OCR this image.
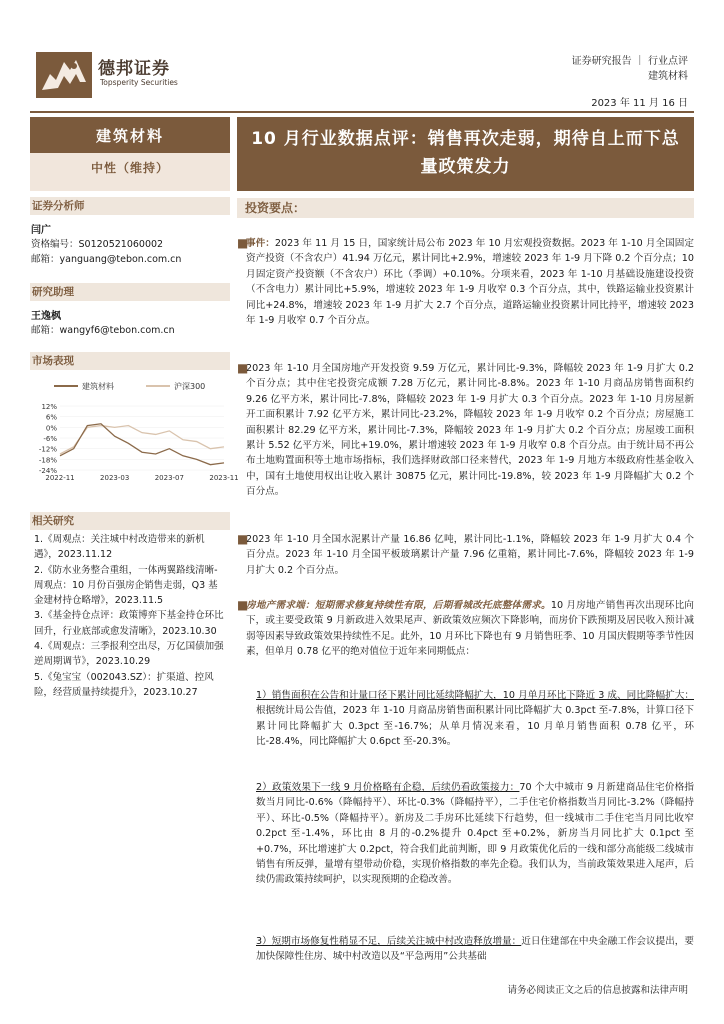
德邦证券
Topsperity Securities
证券研究报告 ｜ 行业点评
建筑材料
2023 年 11 月 16 日
建筑材料
中性（维持）
证券分析师
闫广
资格编号：S0120521060002
邮箱：yanguang@tebon.com.cn
研究助理
王逸枫
邮箱：wangyf6@tebon.com.cn
市场表现
建筑材料	沪深300
12%
6%
0%
-6%
-12%
-18%
-24%
2022-11	2023-03	2023-07	2023-11
相关研究
1.《周观点：关注城中村改造带来的新机遇》，2023.11.12
2.《防水业务整合重组，一体两翼路线清晰-周观点：10 月份百强房企销售走弱，Q3 基金建材持仓略增》，2023.11.5
3.《基金持仓点评：政策博弈下基金持仓环比回升，行业底部或愈发清晰》，2023.10.30
4.《周观点：三季报利空出尽，万亿国债加强逆周期调节》，2023.10.29
5.《兔宝宝（002043.SZ）：扩渠道、控风险，经营质量持续提升》，2023.10.27
10 月行业数据点评：销售再次走弱，期待自上而下总量政策发力
投资要点：
■
事件：2023 年 11 月 15 日，国家统计局公布 2023 年 10 月宏观投资数据。2023 年 1-10 月全国固定资产投资（不含农户）41.94 万亿元，累计同比+2.9%，增速较 2023 年 1-9 月下降 0.2 个百分点；10 月固定资产投资额（不含农户）环比（季调）+0.10%。分项来看，2023 年 1-10 月基础设施建设投资（不含电力）累计同比+5.9%，增速较 2023 年 1-9 月收窄 0.3 个百分点，其中，铁路运输业投资累计同比+24.8%，增速较 2023 年 1-9 月扩大 2.7 个百分点，道路运输业投资累计同比持平，增速较 2023 年 1-9 月收窄 0.7 个百分点。
■
2023 年 1-10 月全国房地产开发投资 9.59 万亿元，累计同比-9.3%，降幅较 2023 年 1-9 月扩大 0.2 个百分点；其中住宅投资完成额 7.28 万亿元，累计同比-8.8%。2023 年 1-10 月商品房销售面积约 9.26 亿平方米，累计同比-7.8%，降幅较 2023 年 1-9 月扩大 0.3 个百分点。2023 年 1-10 月房屋新开工面积累计 7.92 亿平方米，累计同比-23.2%，降幅较 2023 年 1-9 月收窄 0.2 个百分点；房屋施工面积累计 82.29 亿平方米，累计同比-7.3%，降幅较 2023 年 1-9 月扩大 0.2 个百分点；房屋竣工面积累计 5.52 亿平方米，同比+19.0%，累计增速较 2023 年 1-9 月收窄 0.8 个百分点。由于统计局不再公布土地购置面积等土地市场指标，我们选择财政部口径来替代，2023 年 1-9 月地方本级政府性基金收入中，国有土地使用权出让收入累计 30875 亿元，累计同比-19.8%，较 2023 年 1-9 月降幅扩大 0.2 个百分点。
■
2023 年 1-10 月全国水泥累计产量 16.86 亿吨，累计同比-1.1%，降幅较 2023 年 1-9 月扩大 0.4 个百分点。2023 年 1-10 月全国平板玻璃累计产量 7.96 亿重箱，累计同比-7.6%，降幅较 2023 年 1-9 月扩大 0.2 个百分点。
■
房地产需求端：短期需求修复持续性有限，后期看城改托底整体需求。10 月房地产销售再次出现环比向下，或主要受政策 9 月新政进入效果尾声、新政策效应频次下降影响，而房价下跌预期及居民收入预计减弱等因素导致政策效果持续性不足。此外，10 月环比下降也有 9 月销售旺季、10 月国庆假期等季节性因素，但单月 0.78 亿平的绝对值位于近年来同期低点：
1）销售面积在公告和计量口径下累计同比延续降幅扩大，10 月单月环比下降近 3 成、同比降幅扩大：根据统计局公告值，2023 年 1-10 月商品房销售面积累计同比降幅扩大 0.3pct 至-7.8%，计算口径下累计同比降幅扩大 0.3pct 至-16.7%；从单月情况来看，10 月单月销售面积 0.78 亿平，环比-28.4%，同比降幅扩大 0.6pct 至-20.3%。
2）政策效果下一线 9 月价格略有企稳，后续仍看政策接力：70 个大中城市 9 月新建商品住宅价格指数当月同比-0.6%（降幅持平）、环比-0.3%（降幅持平），二手住宅价格指数当月同比-3.2%（降幅持平）、环比-0.5%（降幅持平）。新房及二手房环比延续下行趋势，但一线城市二手住宅当月同比收窄 0.2pct 至-1.4%，环比由 8 月的-0.2%提升 0.4pct 至+0.2%，新房当月同比扩大 0.1pct 至+0.7%，环比增速扩大 0.2pct，符合我们此前判断，即 9 月政策优化后的一线和部分高能级二线城市销售有所反弹，量增有望带动价稳，实现价格指数的率先企稳。我们认为，当前政策效果进入尾声，后续仍需政策持续呵护，以实现预期的企稳改善。
3）短期市场修复性稍显不足，后续关注城中村改造释放增量：近日住建部在中央金融工作会议提出，要加快保障性住房、城中村改造以及“平急两用”公共基础
请务必阅读正文之后的信息披露和法律声明
